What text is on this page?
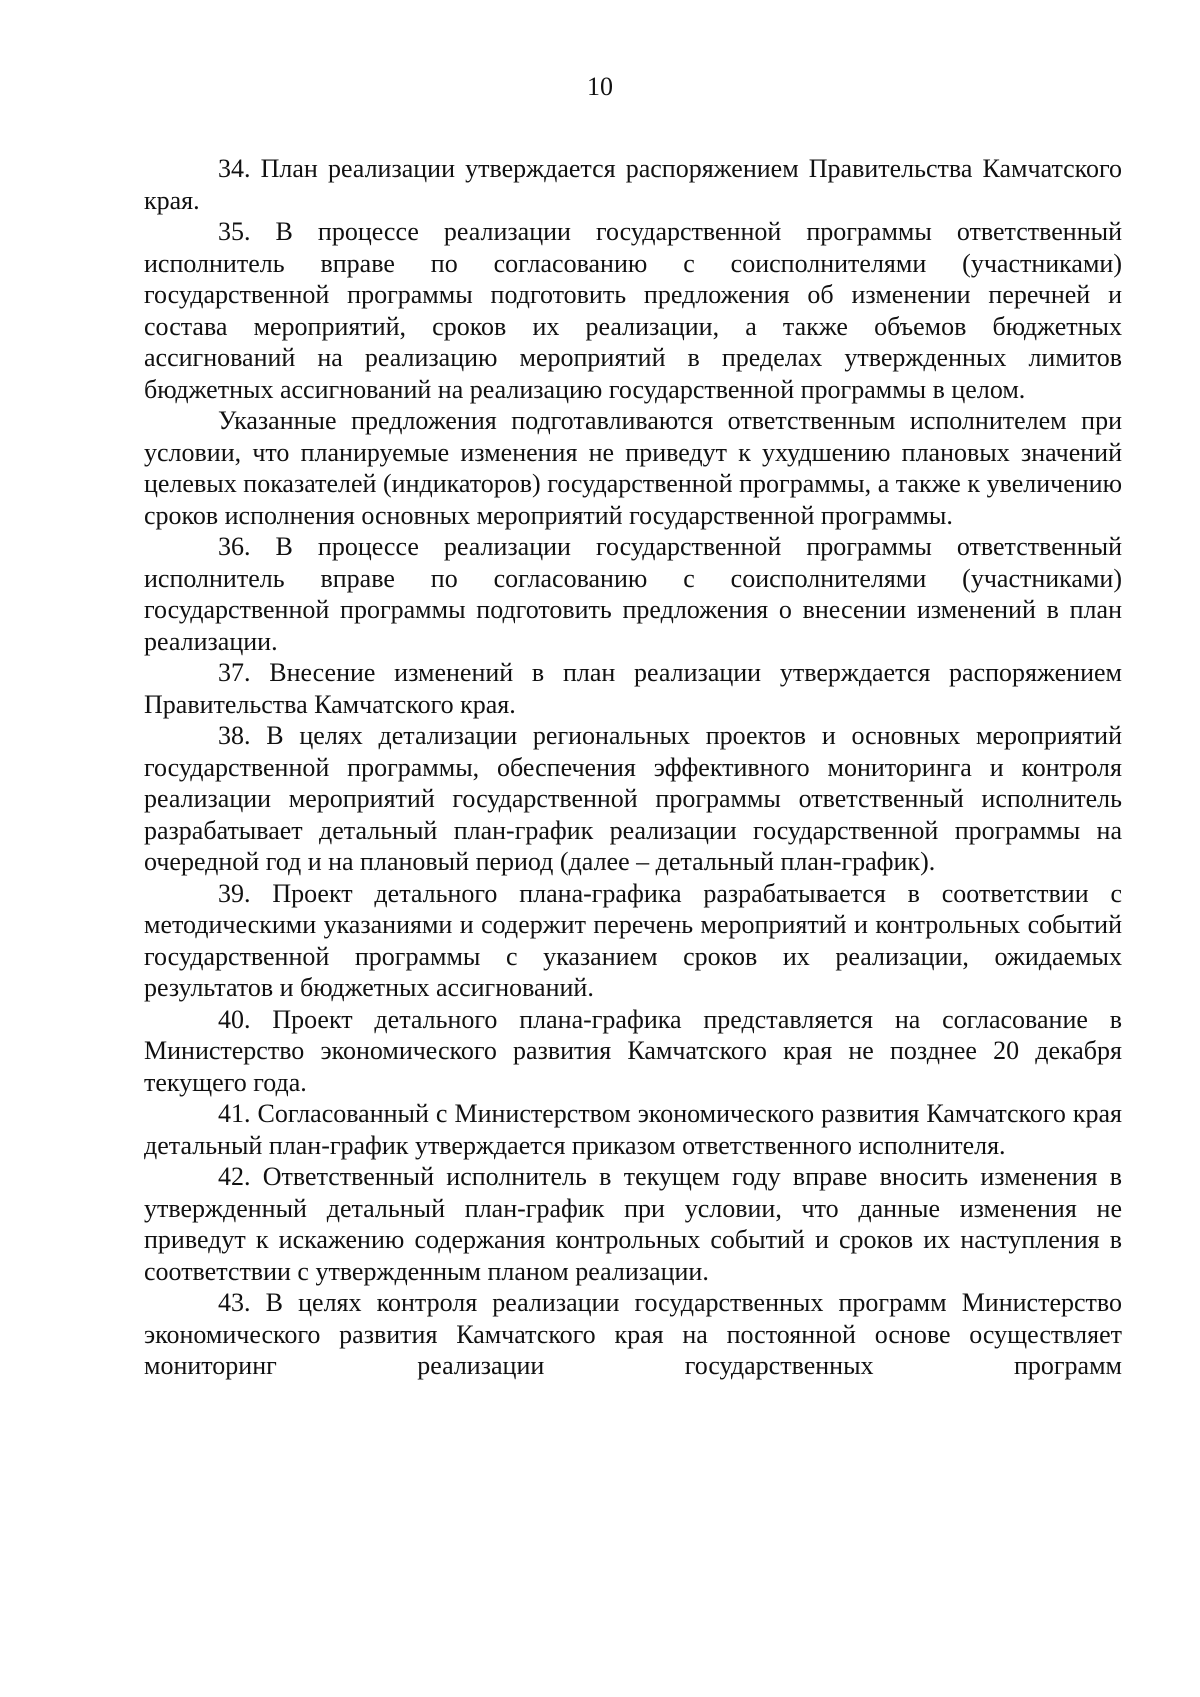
10

34. План реализации утверждается распоряжением Правительства Камчатского края.

35. В процессе реализации государственной программы ответственный исполнитель вправе по согласованию с соисполнителями (участниками) государственной программы подготовить предложения об изменении перечней и состава мероприятий, сроков их реализации, а также объемов бюджетных ассигнований на реализацию мероприятий в пределах утвержденных лимитов бюджетных ассигнований на реализацию государственной программы в целом.

Указанные предложения подготавливаются ответственным исполнителем при условии, что планируемые изменения не приведут к ухудшению плановых значений целевых показателей (индикаторов) государственной программы, а также к увеличению сроков исполнения основных мероприятий государственной программы.

36. В процессе реализации государственной программы ответственный исполнитель вправе по согласованию с соисполнителями (участниками) государственной программы подготовить предложения о внесении изменений в план реализации.

37. Внесение изменений в план реализации утверждается распоряжением Правительства Камчатского края.

38. В целях детализации региональных проектов и основных мероприятий государственной программы, обеспечения эффективного мониторинга и контроля реализации мероприятий государственной программы ответственный исполнитель разрабатывает детальный план-график реализации государственной программы на очередной год и на плановый период (далее – детальный план-график).

39. Проект детального плана-графика разрабатывается в соответствии с методическими указаниями и содержит перечень мероприятий и контрольных событий государственной программы с указанием сроков их реализации, ожидаемых результатов и бюджетных ассигнований.

40. Проект детального плана-графика представляется на согласование в Министерство экономического развития Камчатского края не позднее 20 декабря текущего года.

41. Согласованный с Министерством экономического развития Камчатского края детальный план-график утверждается приказом ответственного исполнителя.

42. Ответственный исполнитель в текущем году вправе вносить изменения в утвержденный детальный план-график при условии, что данные изменения не приведут к искажению содержания контрольных событий и сроков их наступления в соответствии с утвержденным планом реализации.

43. В целях контроля реализации государственных программ Министерство экономического развития Камчатского края на постоянной основе осуществляет мониторинг реализации государственных программ
